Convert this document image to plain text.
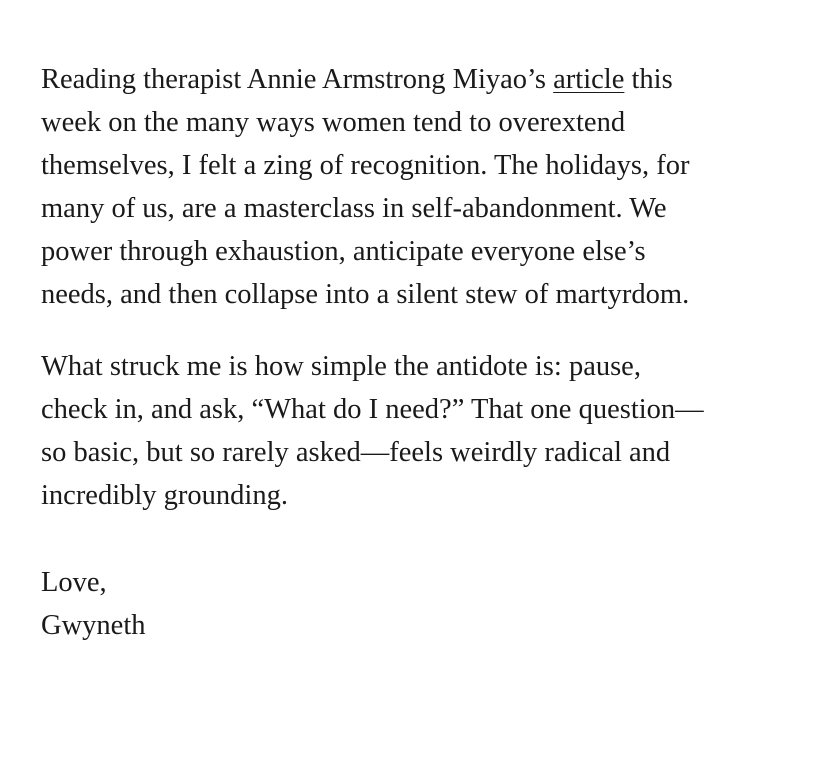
Reading therapist Annie Armstrong Miyao’s article this
week on the many ways women tend to overextend
themselves, I felt a zing of recognition. The holidays, for
many of us, are a masterclass in self-abandonment. We
power through exhaustion, anticipate everyone else’s
needs, and then collapse into a silent stew of martyrdom.

What struck me is how simple the antidote is: pause,
check in, and ask, “What do I need?” That one question—
so basic, but so rarely asked—feels weirdly radical and
incredibly grounding.

Love,
Gwyneth
